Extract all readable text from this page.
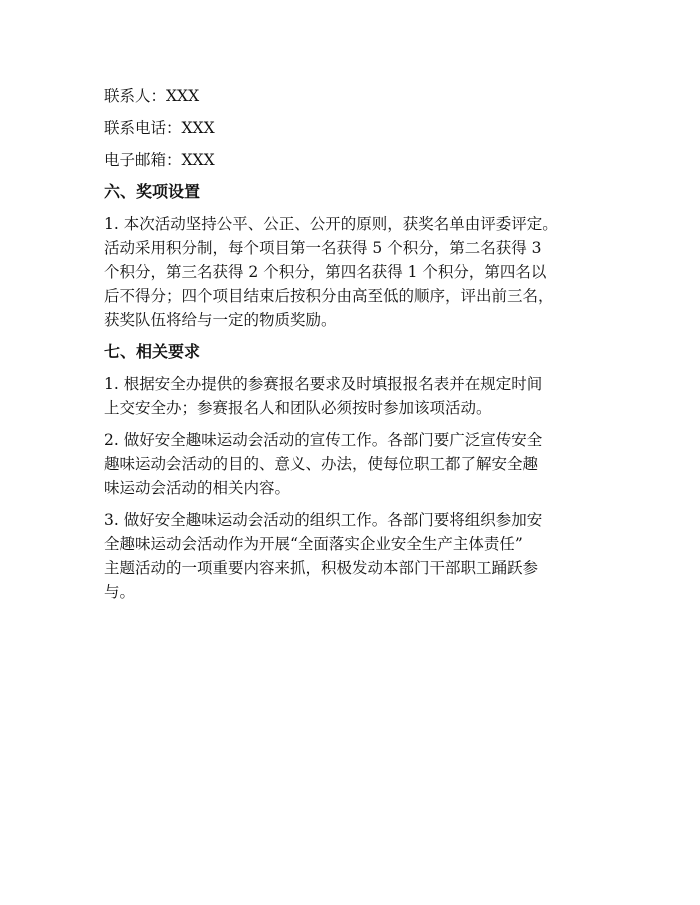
联系人：XXX

联系电话：XXX

电子邮箱：XXX

六、奖项设置

1. 本次活动坚持公平、公正、公开的原则，获奖名单由评委评定。

活动采用积分制，每个项目第一名获得 5 个积分，第二名获得 3

个积分，第三名获得 2 个积分，第四名获得 1 个积分，第四名以

后不得分；四个项目结束后按积分由高至低的顺序，评出前三名，

获奖队伍将给与一定的物质奖励。

七、相关要求

1. 根据安全办提供的参赛报名要求及时填报报名表并在规定时间

上交安全办；参赛报名人和团队必须按时参加该项活动。

2. 做好安全趣味运动会活动的宣传工作。各部门要广泛宣传安全

趣味运动会活动的目的、意义、办法，使每位职工都了解安全趣

味运动会活动的相关内容。

3. 做好安全趣味运动会活动的组织工作。各部门要将组织参加安

全趣味运动会活动作为开展“全面落实企业安全生产主体责任”

主题活动的一项重要内容来抓，积极发动本部门干部职工踊跃参

与。
